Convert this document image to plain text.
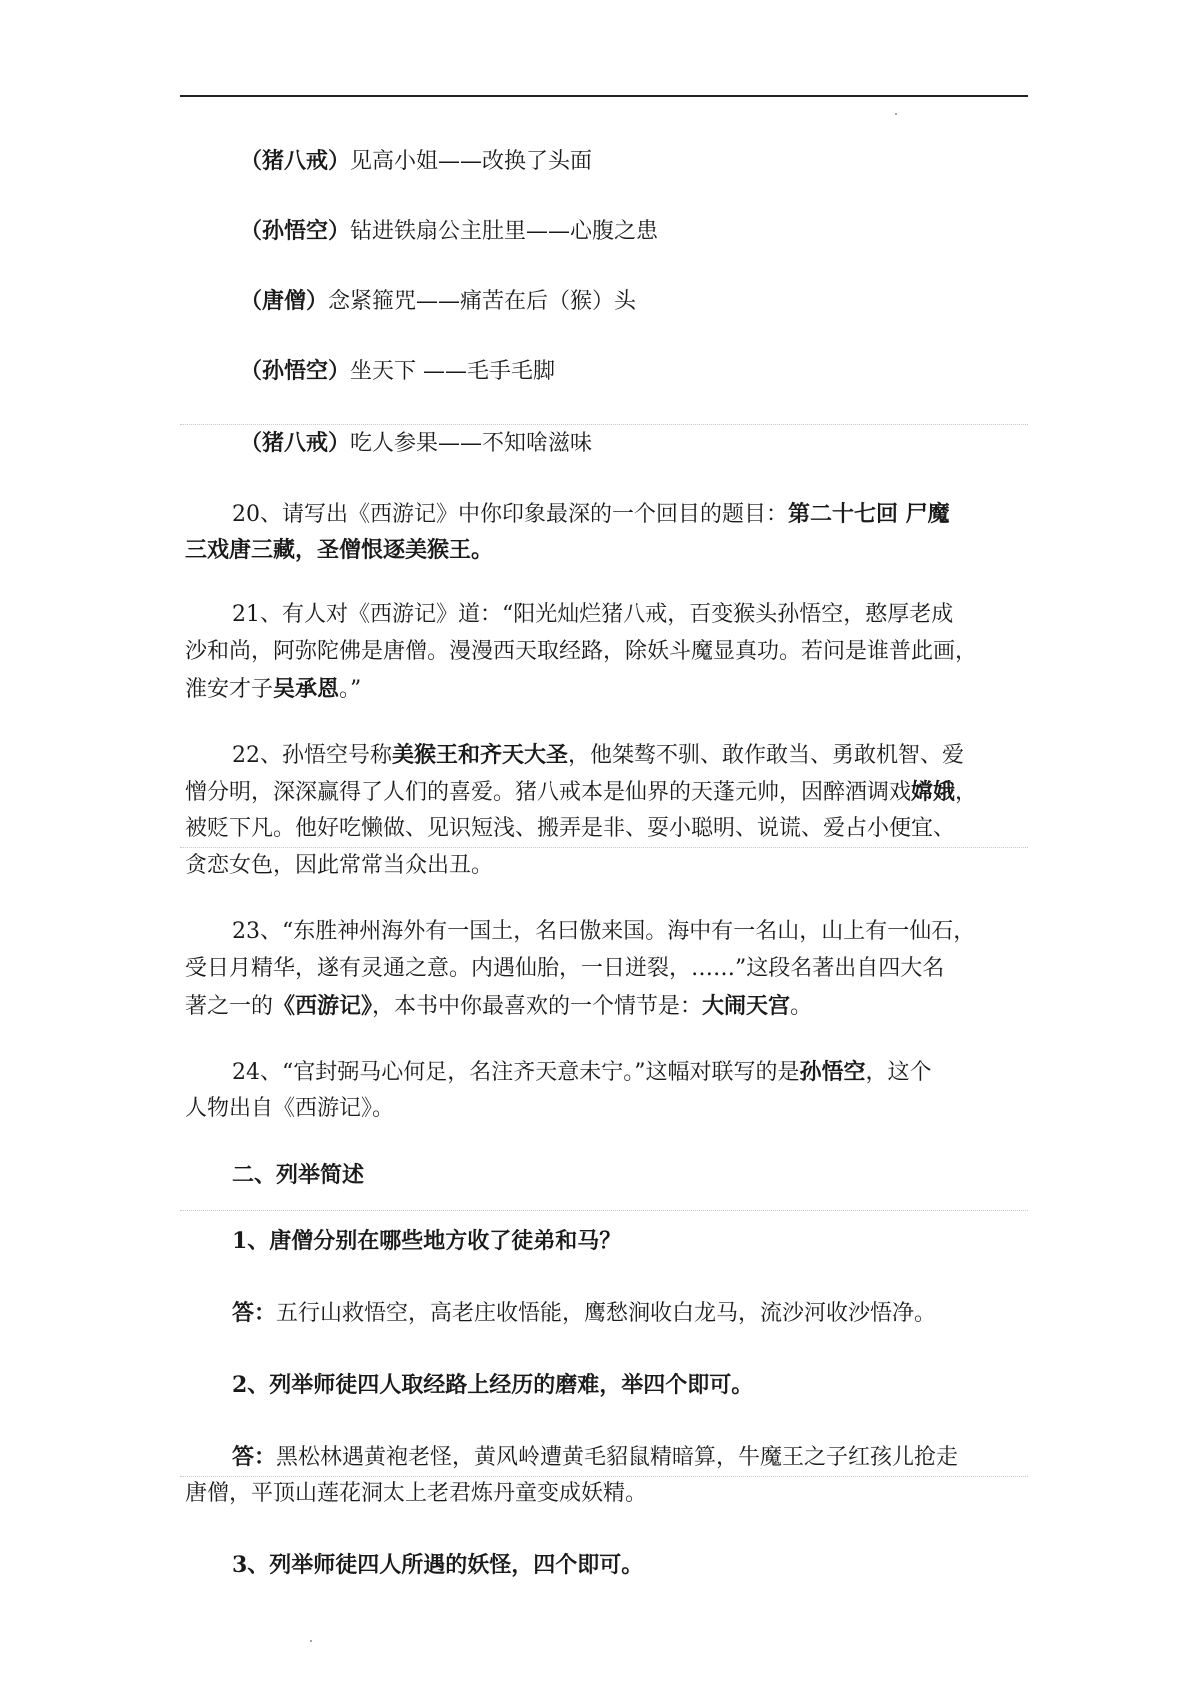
（猪八戒）见高小姐——改换了头面
（孙悟空）钻进铁扇公主肚里——心腹之患
（唐僧）念紧箍咒——痛苦在后（猴）头
（孙悟空）坐天下 ——毛手毛脚
（猪八戒）吃人参果——不知啥滋味
20、请写出《西游记》中你印象最深的一个回目的题目：第二十七回 尸魔
三戏唐三藏，圣僧恨逐美猴王。
21、有人对《西游记》道：“阳光灿烂猪八戒，百变猴头孙悟空，憨厚老成
沙和尚，阿弥陀佛是唐僧。漫漫西天取经路，除妖斗魔显真功。若问是谁普此画，
淮安才子吴承恩。”
22、孙悟空号称美猴王和齐天大圣，他桀骜不驯、敢作敢当、勇敢机智、爱
憎分明，深深赢得了人们的喜爱。猪八戒本是仙界的天蓬元帅，因醉酒调戏嫦娥，
被贬下凡。他好吃懒做、见识短浅、搬弄是非、耍小聪明、说谎、爱占小便宜、
贪恋女色，因此常常当众出丑。
23、“东胜神州海外有一国土，名曰傲来国。海中有一名山，山上有一仙石，
受日月精华，遂有灵通之意。内遇仙胎，一日迸裂，……”这段名著出自四大名
著之一的《西游记》，本书中你最喜欢的一个情节是：大闹天宫。
24、“官封弼马心何足，名注齐天意未宁。”这幅对联写的是孙悟空，这个
人物出自《西游记》。
二、列举简述
1、唐僧分别在哪些地方收了徒弟和马？
答：五行山救悟空，高老庄收悟能，鹰愁涧收白龙马，流沙河收沙悟净。
2、列举师徒四人取经路上经历的磨难，举四个即可。
答：黑松林遇黄袍老怪，黄风岭遭黄毛貂鼠精暗算，牛魔王之子红孩儿抢走
唐僧，平顶山莲花洞太上老君炼丹童变成妖精。
3、列举师徒四人所遇的妖怪，四个即可。
